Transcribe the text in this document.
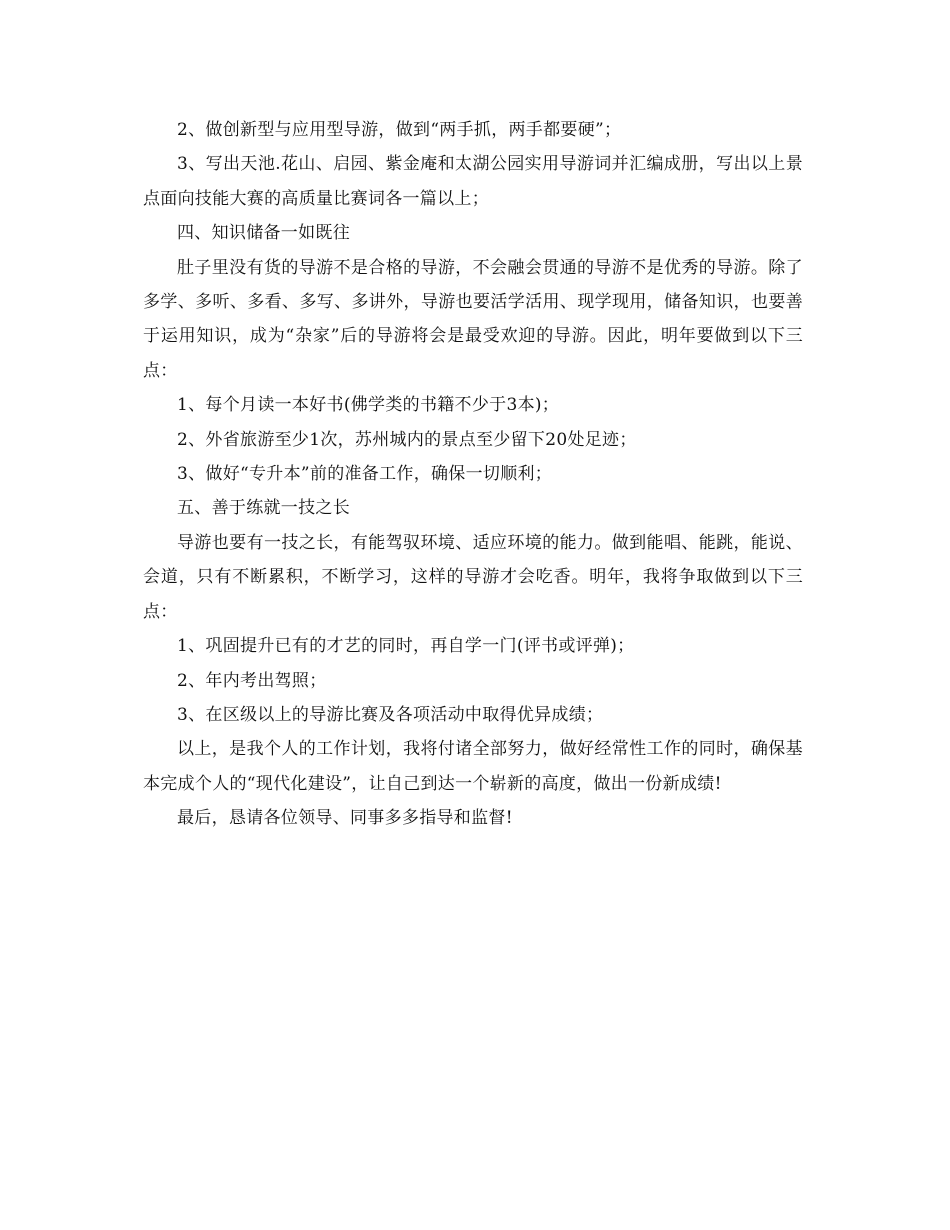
2、做创新型与应用型导游，做到“两手抓，两手都要硬”；

3、写出天池.花山、启园、紫金庵和太湖公园实用导游词并汇编成册，写出以上景点面向技能大赛的高质量比赛词各一篇以上；

四、知识储备一如既往

肚子里没有货的导游不是合格的导游，不会融会贯通的导游不是优秀的导游。除了多学、多听、多看、多写、多讲外，导游也要活学活用、现学现用，储备知识，也要善于运用知识，成为“杂家”后的导游将会是最受欢迎的导游。因此，明年要做到以下三点：

1、每个月读一本好书(佛学类的书籍不少于3本)；

2、外省旅游至少1次，苏州城内的景点至少留下20处足迹；

3、做好“专升本”前的准备工作，确保一切顺利；

五、善于练就一技之长

导游也要有一技之长，有能驾驭环境、适应环境的能力。做到能唱、能跳，能说、会道，只有不断累积，不断学习，这样的导游才会吃香。明年，我将争取做到以下三点：

1、巩固提升已有的才艺的同时，再自学一门(评书或评弹)；

2、年内考出驾照；

3、在区级以上的导游比赛及各项活动中取得优异成绩；

以上，是我个人的工作计划，我将付诸全部努力，做好经常性工作的同时，确保基本完成个人的“现代化建设”，让自己到达一个崭新的高度，做出一份新成绩!

最后，恳请各位领导、同事多多指导和监督!
